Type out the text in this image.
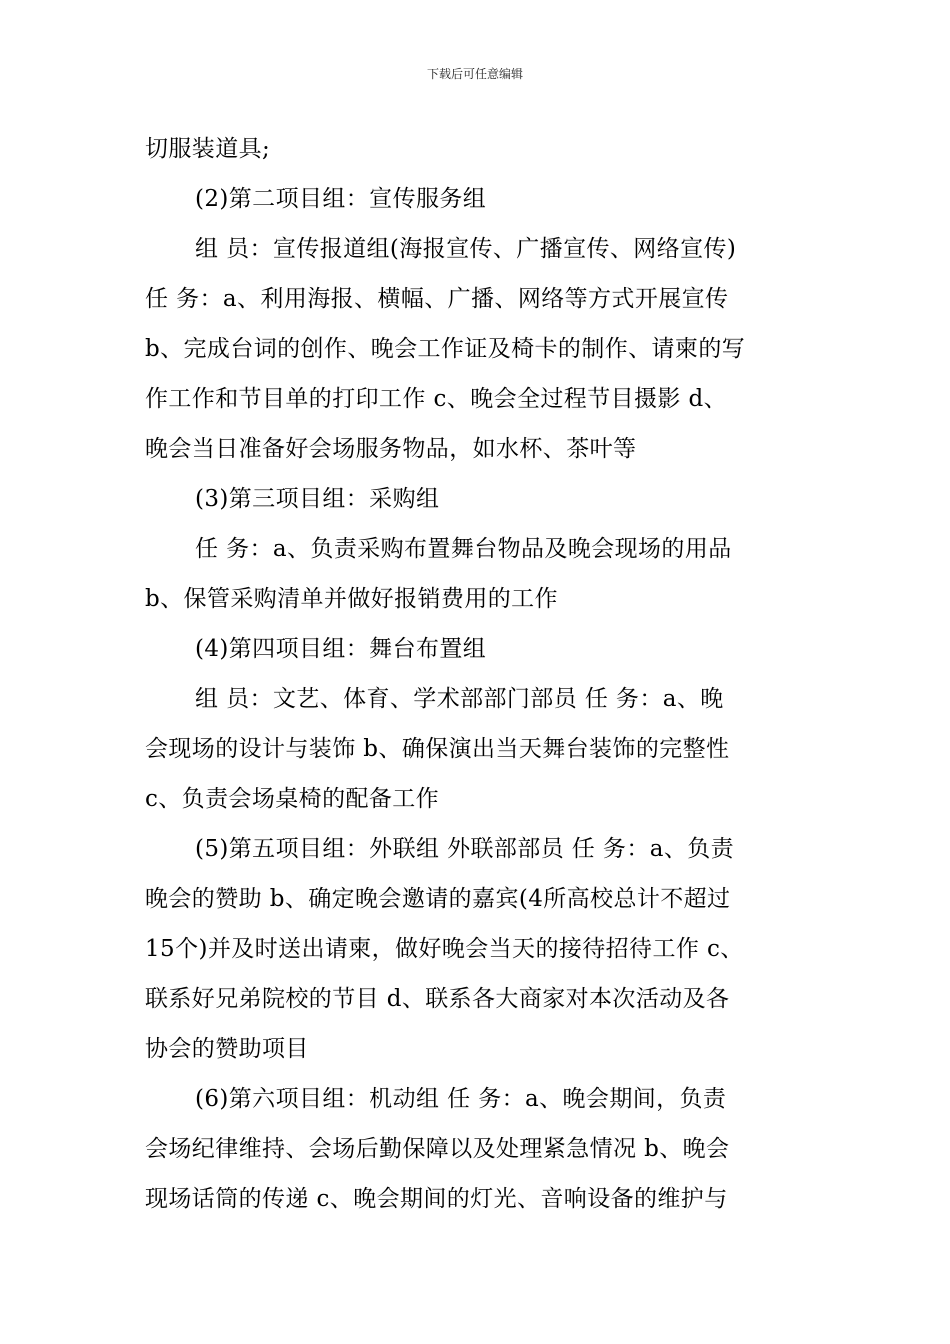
下载后可任意编辑

切服装道具;

(2)第二项目组：宣传服务组

组 员：宣传报道组(海报宣传、广播宣传、网络宣传)

任 务：a、利用海报、横幅、广播、网络等方式开展宣传

b、完成台词的创作、晚会工作证及椅卡的制作、请柬的写

作工作和节目单的打印工作 c、晚会全过程节目摄影 d、

晚会当日准备好会场服务物品，如水杯、茶叶等

(3)第三项目组：采购组

任 务：a、负责采购布置舞台物品及晚会现场的用品

b、保管采购清单并做好报销费用的工作

(4)第四项目组：舞台布置组

组 员：文艺、体育、学术部部门部员 任 务：a、晚

会现场的设计与装饰 b、确保演出当天舞台装饰的完整性

c、负责会场桌椅的配备工作

(5)第五项目组：外联组 外联部部员 任 务：a、负责

晚会的赞助 b、确定晚会邀请的嘉宾(4所高校总计不超过

15个)并及时送出请柬，做好晚会当天的接待招待工作 c、

联系好兄弟院校的节目 d、联系各大商家对本次活动及各

协会的赞助项目

(6)第六项目组：机动组 任 务：a、晚会期间，负责

会场纪律维持、会场后勤保障以及处理紧急情况 b、晚会

现场话筒的传递 c、晚会期间的灯光、音响设备的维护与
